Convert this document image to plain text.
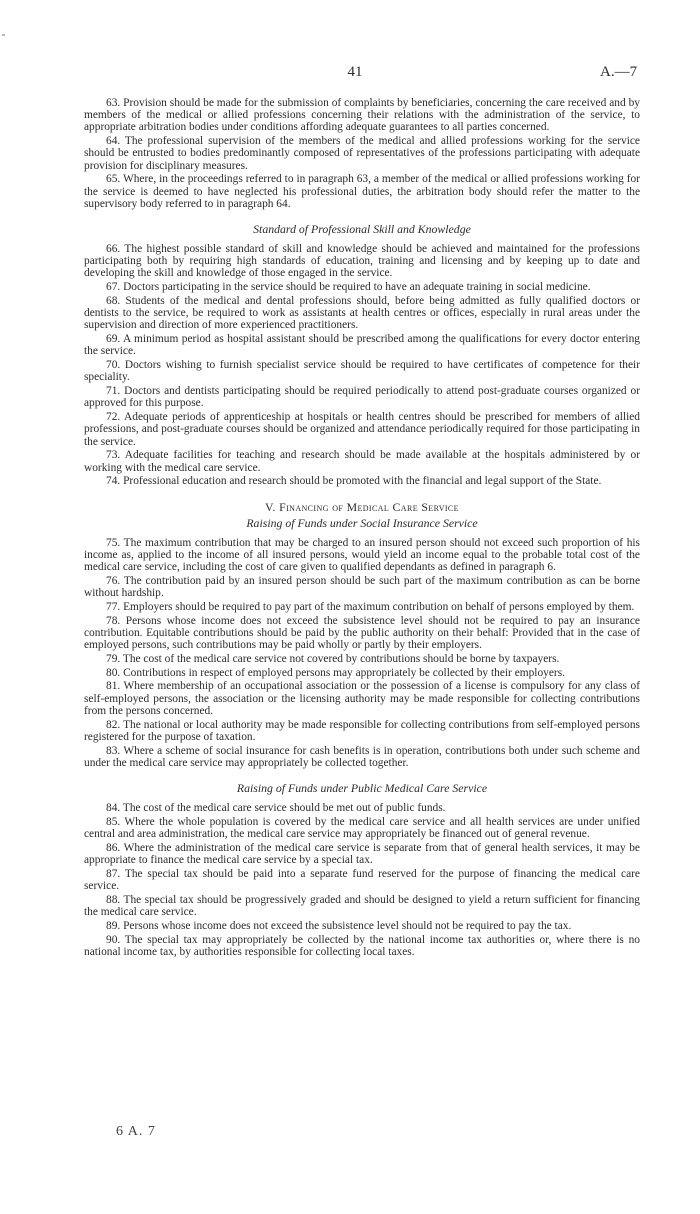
41	A.—7

63. Provision should be made for the submission of complaints by beneficiaries, concerning the care received and by members of the medical or allied professions concerning their relations with the administration of the service, to appropriate arbitration bodies under conditions affording adequate guarantees to all parties concerned.

64. The professional supervision of the members of the medical and allied professions working for the service should be entrusted to bodies predominantly composed of representatives of the professions participating with adequate provision for disciplinary measures.

65. Where, in the proceedings referred to in paragraph 63, a member of the medical or allied professions working for the service is deemed to have neglected his professional duties, the arbitration body should refer the matter to the supervisory body referred to in paragraph 64.

Standard of Professional Skill and Knowledge

66. The highest possible standard of skill and knowledge should be achieved and maintained for the professions participating both by requiring high standards of education, training and licensing and by keeping up to date and developing the skill and knowledge of those engaged in the service.

67. Doctors participating in the service should be required to have an adequate training in social medicine.

68. Students of the medical and dental professions should, before being admitted as fully qualified doctors or dentists to the service, be required to work as assistants at health centres or offices, especially in rural areas under the supervision and direction of more experienced practitioners.

69. A minimum period as hospital assistant should be prescribed among the qualifications for every doctor entering the service.

70. Doctors wishing to furnish specialist service should be required to have certificates of competence for their speciality.

71. Doctors and dentists participating should be required periodically to attend post-graduate courses organized or approved for this purpose.

72. Adequate periods of apprenticeship at hospitals or health centres should be prescribed for members of allied professions, and post-graduate courses should be organized and attendance periodically required for those participating in the service.

73. Adequate facilities for teaching and research should be made available at the hospitals administered by or working with the medical care service.

74. Professional education and research should be promoted with the financial and legal support of the State.

V. Financing of Medical Care Service
Raising of Funds under Social Insurance Service

75. The maximum contribution that may be charged to an insured person should not exceed such proportion of his income as, applied to the income of all insured persons, would yield an income equal to the probable total cost of the medical care service, including the cost of care given to qualified dependants as defined in paragraph 6.

76. The contribution paid by an insured person should be such part of the maximum contribution as can be borne without hardship.

77. Employers should be required to pay part of the maximum contribution on behalf of persons employed by them.

78. Persons whose income does not exceed the subsistence level should not be required to pay an insurance contribution. Equitable contributions should be paid by the public authority on their behalf: Provided that in the case of employed persons, such contributions may be paid wholly or partly by their employers.

79. The cost of the medical care service not covered by contributions should be borne by taxpayers.

80. Contributions in respect of employed persons may appropriately be collected by their employers.

81. Where membership of an occupational association or the possession of a license is compulsory for any class of self-employed persons, the association or the licensing authority may be made responsible for collecting contributions from the persons concerned.

82. The national or local authority may be made responsible for collecting contributions from self-employed persons registered for the purpose of taxation.

83. Where a scheme of social insurance for cash benefits is in operation, contributions both under such scheme and under the medical care service may appropriately be collected together.

Raising of Funds under Public Medical Care Service

84. The cost of the medical care service should be met out of public funds.

85. Where the whole population is covered by the medical care service and all health services are under unified central and area administration, the medical care service may appropriately be financed out of general revenue.

86. Where the administration of the medical care service is separate from that of general health services, it may be appropriate to finance the medical care service by a special tax.

87. The special tax should be paid into a separate fund reserved for the purpose of financing the medical care service.

88. The special tax should be progressively graded and should be designed to yield a return sufficient for financing the medical care service.

89. Persons whose income does not exceed the subsistence level should not be required to pay the tax.

90. The special tax may appropriately be collected by the national income tax authorities or, where there is no national income tax, by authorities responsible for collecting local taxes.

6 A. 7
